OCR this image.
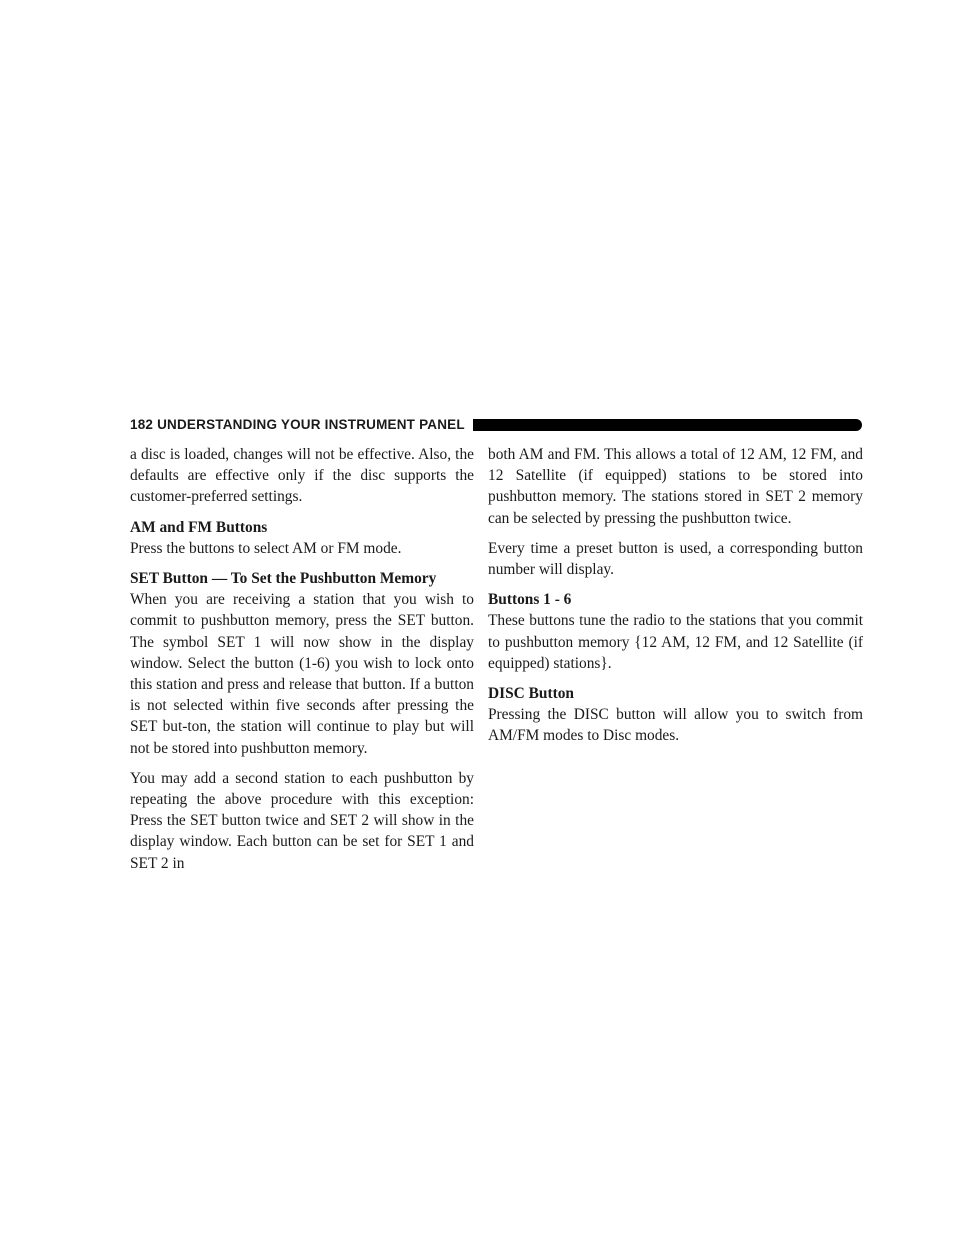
182 UNDERSTANDING YOUR INSTRUMENT PANEL

a disc is loaded, changes will not be effective. Also, the defaults are effective only if the disc supports the customer-preferred settings.

AM and FM Buttons

Press the buttons to select AM or FM mode.

SET Button — To Set the Pushbutton Memory

When you are receiving a station that you wish to commit to pushbutton memory, press the SET button. The symbol SET 1 will now show in the display window. Select the button (1-6) you wish to lock onto this station and press and release that button. If a button is not selected within five seconds after pressing the SET but-ton, the station will continue to play but will not be stored into pushbutton memory.

You may add a second station to each pushbutton by repeating the above procedure with this exception: Press the SET button twice and SET 2 will show in the display window. Each button can be set for SET 1 and SET 2 in

both AM and FM. This allows a total of 12 AM, 12 FM, and 12 Satellite (if equipped) stations to be stored into pushbutton memory. The stations stored in SET 2 memory can be selected by pressing the pushbutton twice.

Every time a preset button is used, a corresponding button number will display.

Buttons 1 - 6

These buttons tune the radio to the stations that you commit to pushbutton memory {12 AM, 12 FM, and 12 Satellite (if equipped) stations}.

DISC Button

Pressing the DISC button will allow you to switch from AM/FM modes to Disc modes.
